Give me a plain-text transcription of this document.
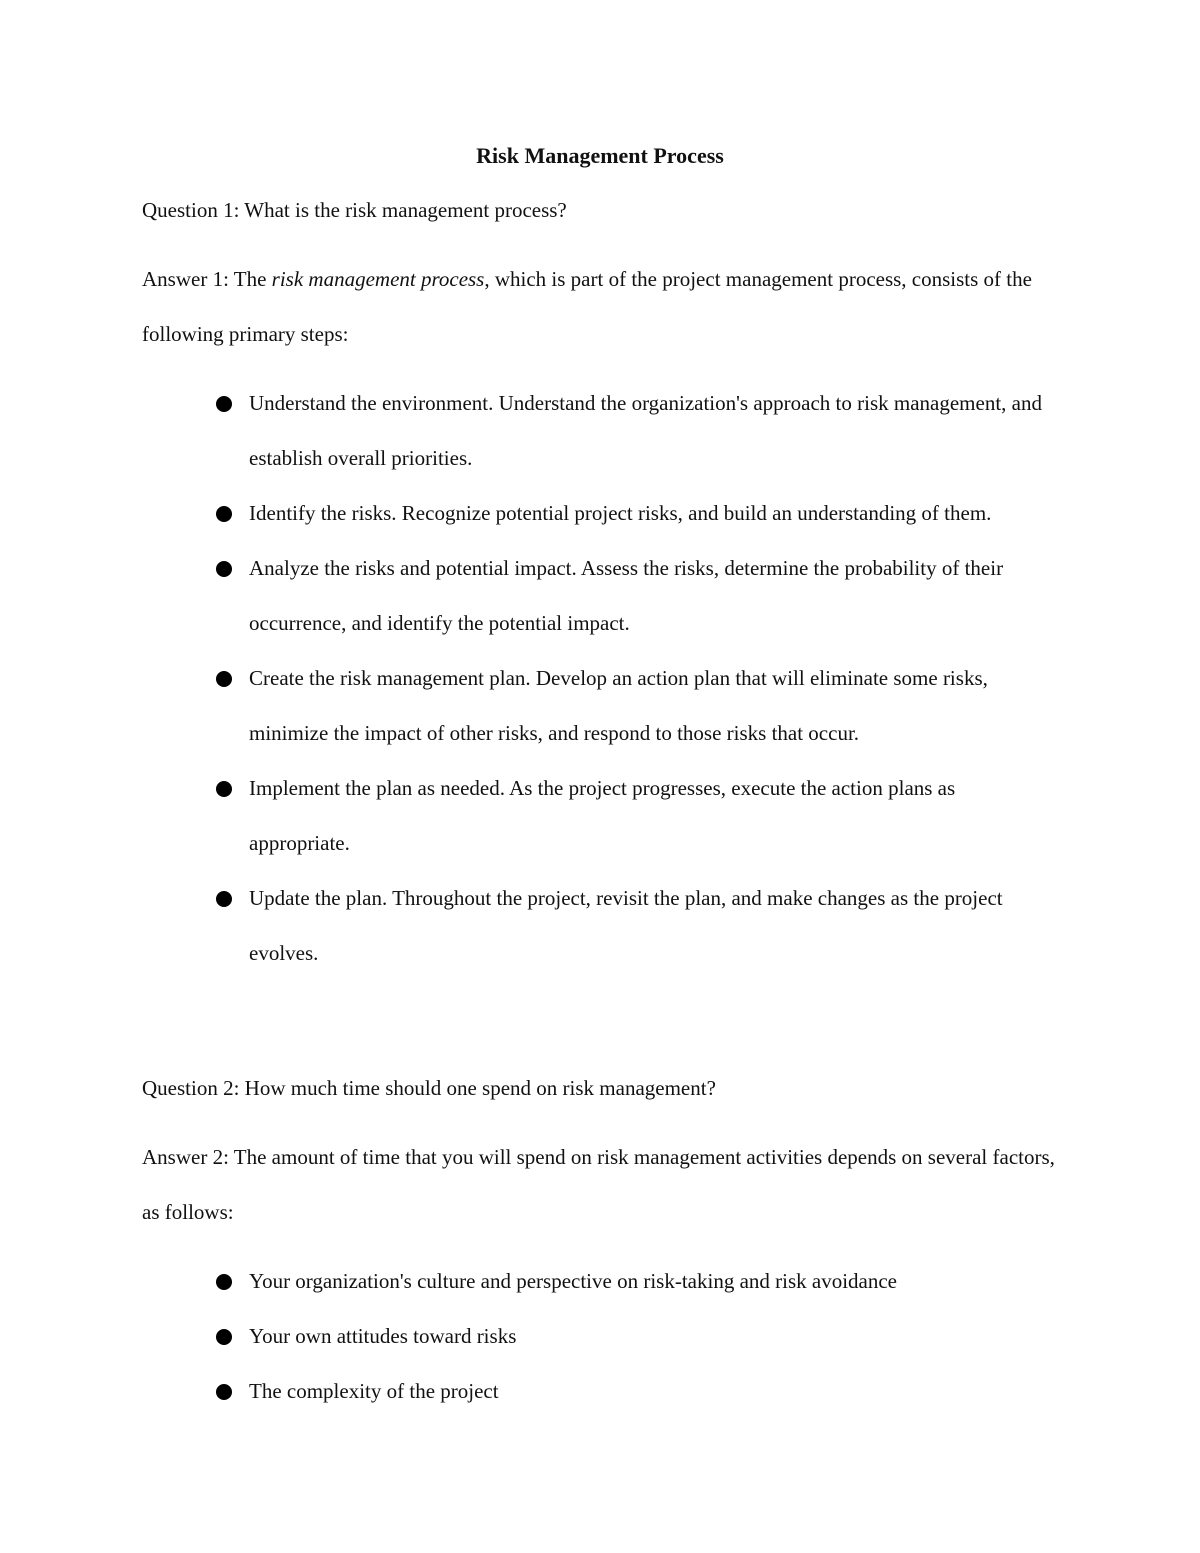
Risk Management Process

Question 1: What is the risk management process?

Answer 1: The risk management process, which is part of the project management process, consists of the following primary steps:

Understand the environment. Understand the organization's approach to risk management, and establish overall priorities.
Identify the risks. Recognize potential project risks, and build an understanding of them.
Analyze the risks and potential impact. Assess the risks, determine the probability of their occurrence, and identify the potential impact.
Create the risk management plan. Develop an action plan that will eliminate some risks, minimize the impact of other risks, and respond to those risks that occur.
Implement the plan as needed. As the project progresses, execute the action plans as appropriate.
Update the plan. Throughout the project, revisit the plan, and make changes as the project evolves.

Question 2: How much time should one spend on risk management?

Answer 2: The amount of time that you will spend on risk management activities depends on several factors, as follows:

Your organization's culture and perspective on risk-taking and risk avoidance
Your own attitudes toward risks
The complexity of the project
